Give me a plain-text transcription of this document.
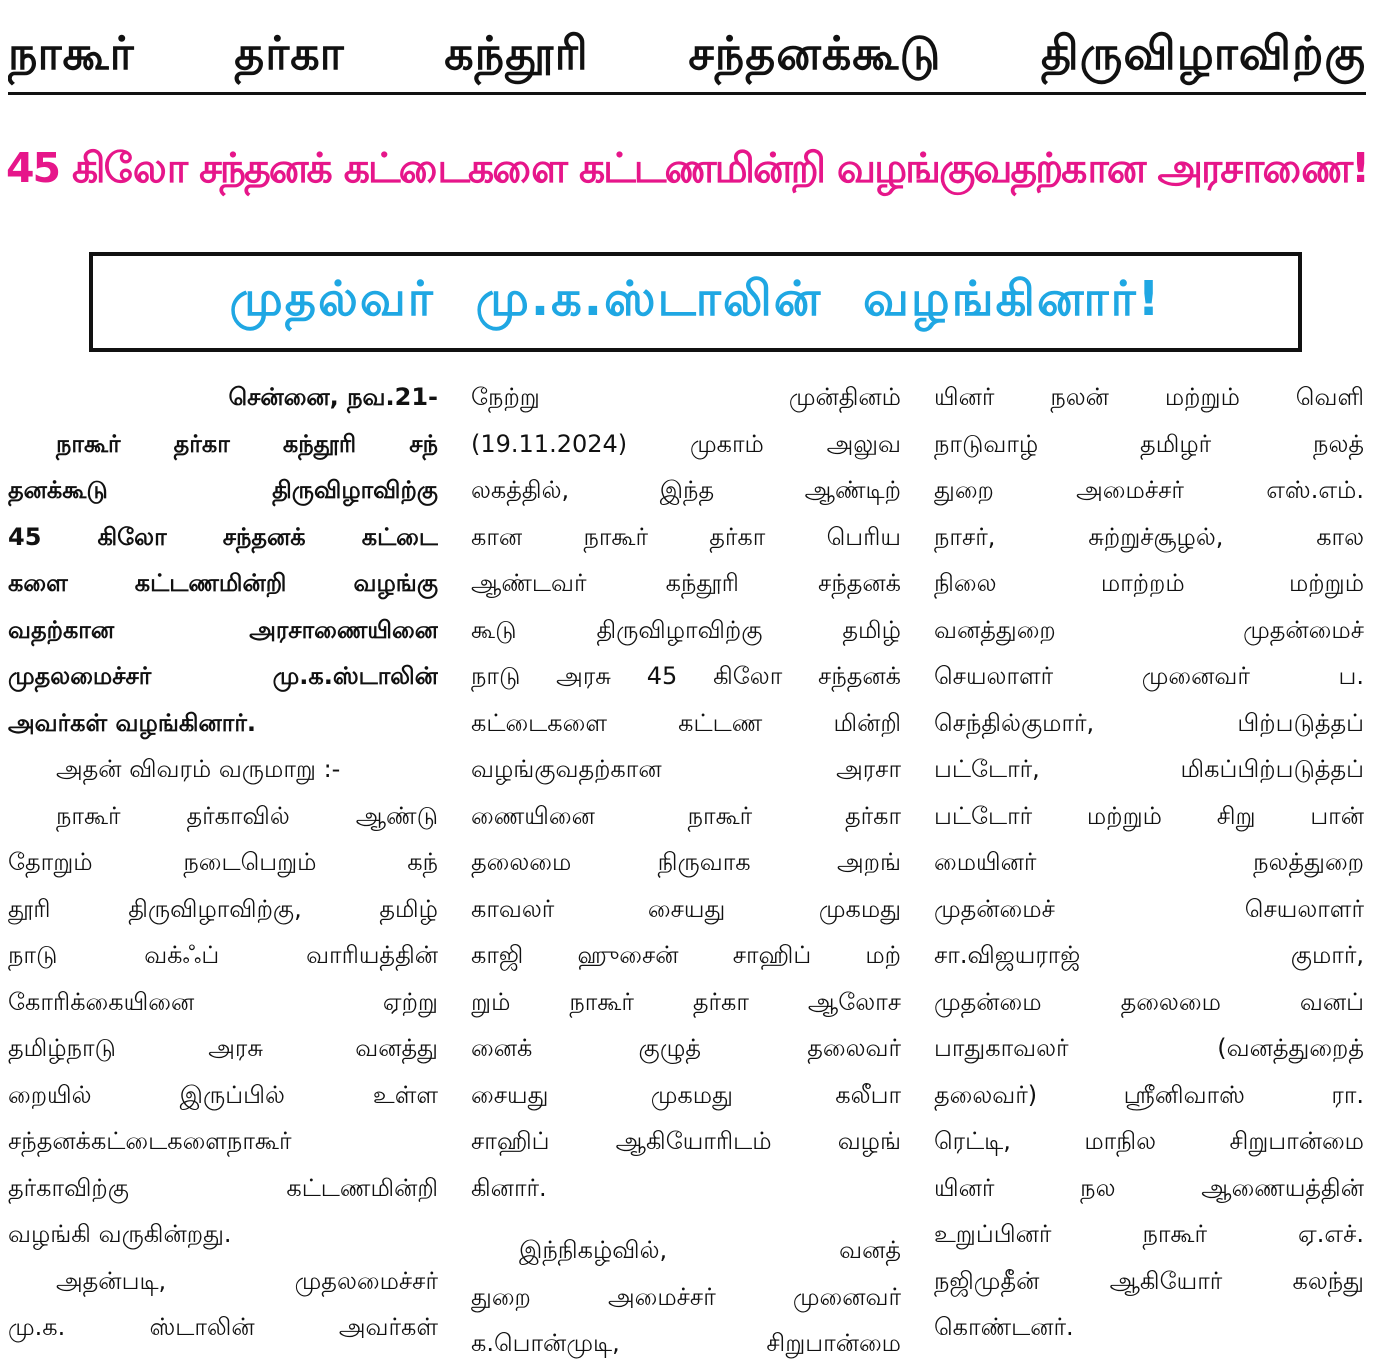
நாகூர் தர்கா கந்தூரி சந்தனக்கூடு திருவிழாவிற்கு
45 கிலோ சந்தனக் கட்டைகளை கட்டணமின்றி வழங்குவதற்கான அரசாணை!
முதல்வர் மு.க.ஸ்டாலின் வழங்கினார்!
சென்னை, நவ.21-
நாகூர் தர்கா கந்தூரி சந்
தனக்கூடு திருவிழாவிற்கு
45 கிலோ சந்தனக் கட்டை
களை கட்டணமின்றி வழங்கு
வதற்கான அரசாணையினை
முதலமைச்சர் மு.க.ஸ்டாலின்
அவர்கள் வழங்கினார்.
அதன் விவரம் வருமாறு :-
நாகூர் தர்காவில் ஆண்டு
தோறும் நடைபெறும் கந்
தூரி திருவிழாவிற்கு, தமிழ்
நாடு வக்ஃப் வாரியத்தின்
கோரிக்கையினை ஏற்று
தமிழ்நாடு அரசு வனத்து
றையில் இருப்பில் உள்ள
சந்தனக்கட்டைகளைநாகூர்
தர்காவிற்கு கட்டணமின்றி
வழங்கி வருகின்றது.
அதன்படி, முதலமைச்சர்
மு.க. ஸ்டாலின் அவர்கள்
நேற்று முன்தினம்
(19.11.2024) முகாம் அலுவ
லகத்தில், இந்த ஆண்டிற்
கான நாகூர் தர்கா பெரிய
ஆண்டவர் கந்தூரி சந்தனக்
கூடு திருவிழாவிற்கு தமிழ்
நாடு அரசு 45 கிலோ சந்தனக்
கட்டைகளை கட்டண மின்றி
வழங்குவதற்கான அரசா
ணையினை நாகூர் தர்கா
தலைமை நிருவாக அறங்
காவலர் சையது முகமது
காஜி ஹுசைன் சாஹிப் மற்
றும் நாகூர் தர்கா ஆலோச
னைக் குழுத் தலைவர்
சையது முகமது கலீபா
சாஹிப் ஆகியோரிடம் வழங்
கினார்.
இந்நிகழ்வில், வனத்
துறை அமைச்சர் முனைவர்
க.பொன்முடி, சிறுபான்மை
யினர் நலன் மற்றும் வெளி
நாடுவாழ் தமிழர் நலத்
துறை அமைச்சர் எஸ்.எம்.
நாசர், சுற்றுச்சூழல், கால
நிலை மாற்றம் மற்றும்
வனத்துறை முதன்மைச்
செயலாளர் முனைவர் ப.
செந்தில்குமார், பிற்படுத்தப்
பட்டோர், மிகப்பிற்படுத்தப்
பட்டோர் மற்றும் சிறு பான்
மையினர் நலத்துறை
முதன்மைச் செயலாளர்
சா.விஜயராஜ் குமார்,
முதன்மை தலைமை வனப்
பாதுகாவலர் (வனத்துறைத்
தலைவர்) ஸ்ரீனிவாஸ் ரா.
ரெட்டி, மாநில சிறுபான்மை
யினர் நல ஆணையத்தின்
உறுப்பினர் நாகூர் ஏ.எச்.
நஜிமுதீன் ஆகியோர் கலந்து
கொண்டனர்.
